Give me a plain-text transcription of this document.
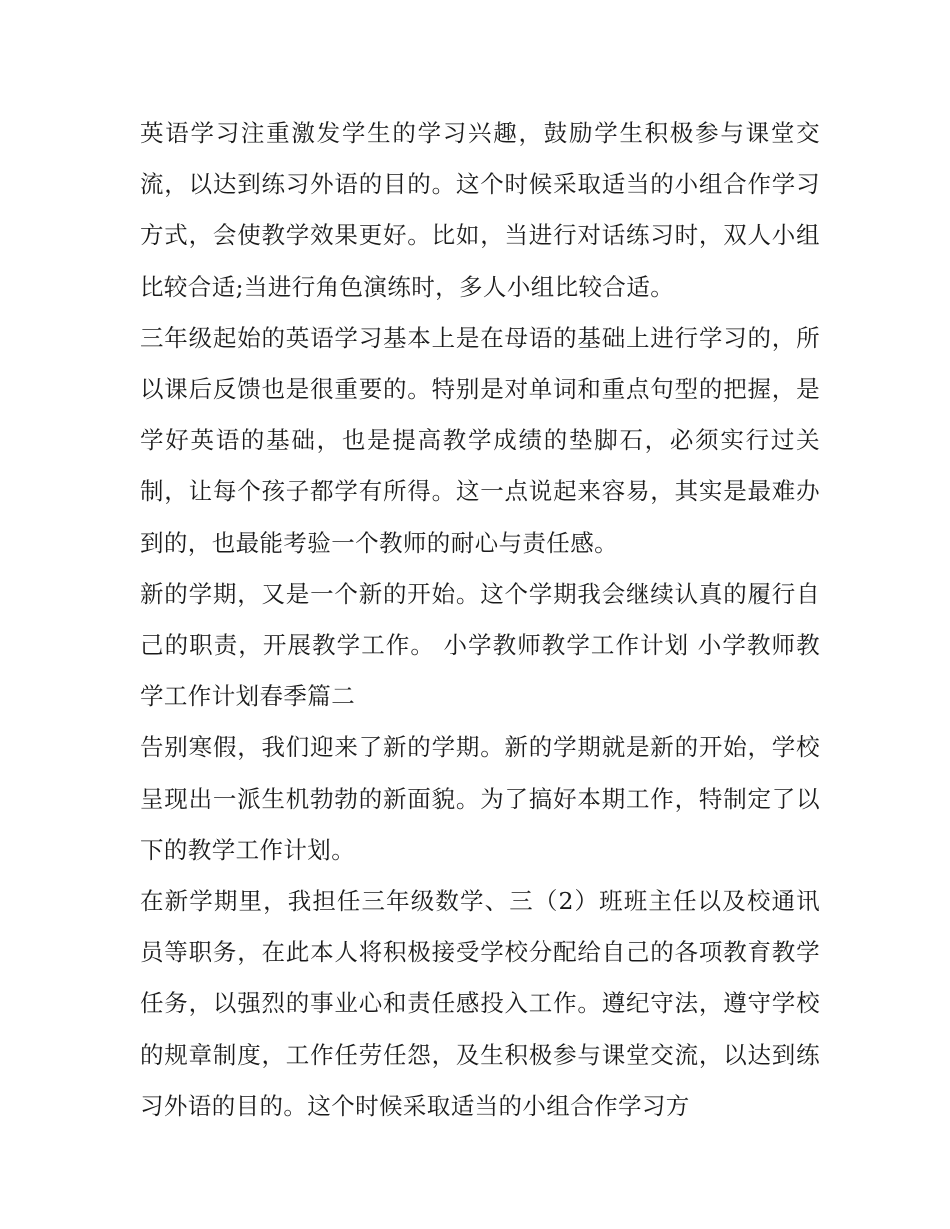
英语学习注重激发学生的学习兴趣，鼓励学生积极参与课堂交流，以达到练习外语的目的。这个时候采取适当的小组合作学习方式，会使教学效果更好。比如，当进行对话练习时，双人小组比较合适;当进行角色演练时，多人小组比较合适。

三年级起始的英语学习基本上是在母语的基础上进行学习的，所以课后反馈也是很重要的。特别是对单词和重点句型的把握，是学好英语的基础，也是提高教学成绩的垫脚石，必须实行过关制，让每个孩子都学有所得。这一点说起来容易，其实是最难办到的，也最能考验一个教师的耐心与责任感。

新的学期，又是一个新的开始。这个学期我会继续认真的履行自己的职责，开展教学工作。 小学教师教学工作计划 小学教师教学工作计划春季篇二

告别寒假，我们迎来了新的学期。新的学期就是新的开始，学校呈现出一派生机勃勃的新面貌。为了搞好本期工作，特制定了以下的教学工作计划。

在新学期里，我担任三年级数学、三（2）班班主任以及校通讯员等职务，在此本人将积极接受学校分配给自己的各项教育教学任务，以强烈的事业心和责任感投入工作。遵纪守法，遵守学校的规章制度，工作任劳任怨，及生积极参与课堂交流，以达到练习外语的目的。这个时候采取适当的小组合作学习方
